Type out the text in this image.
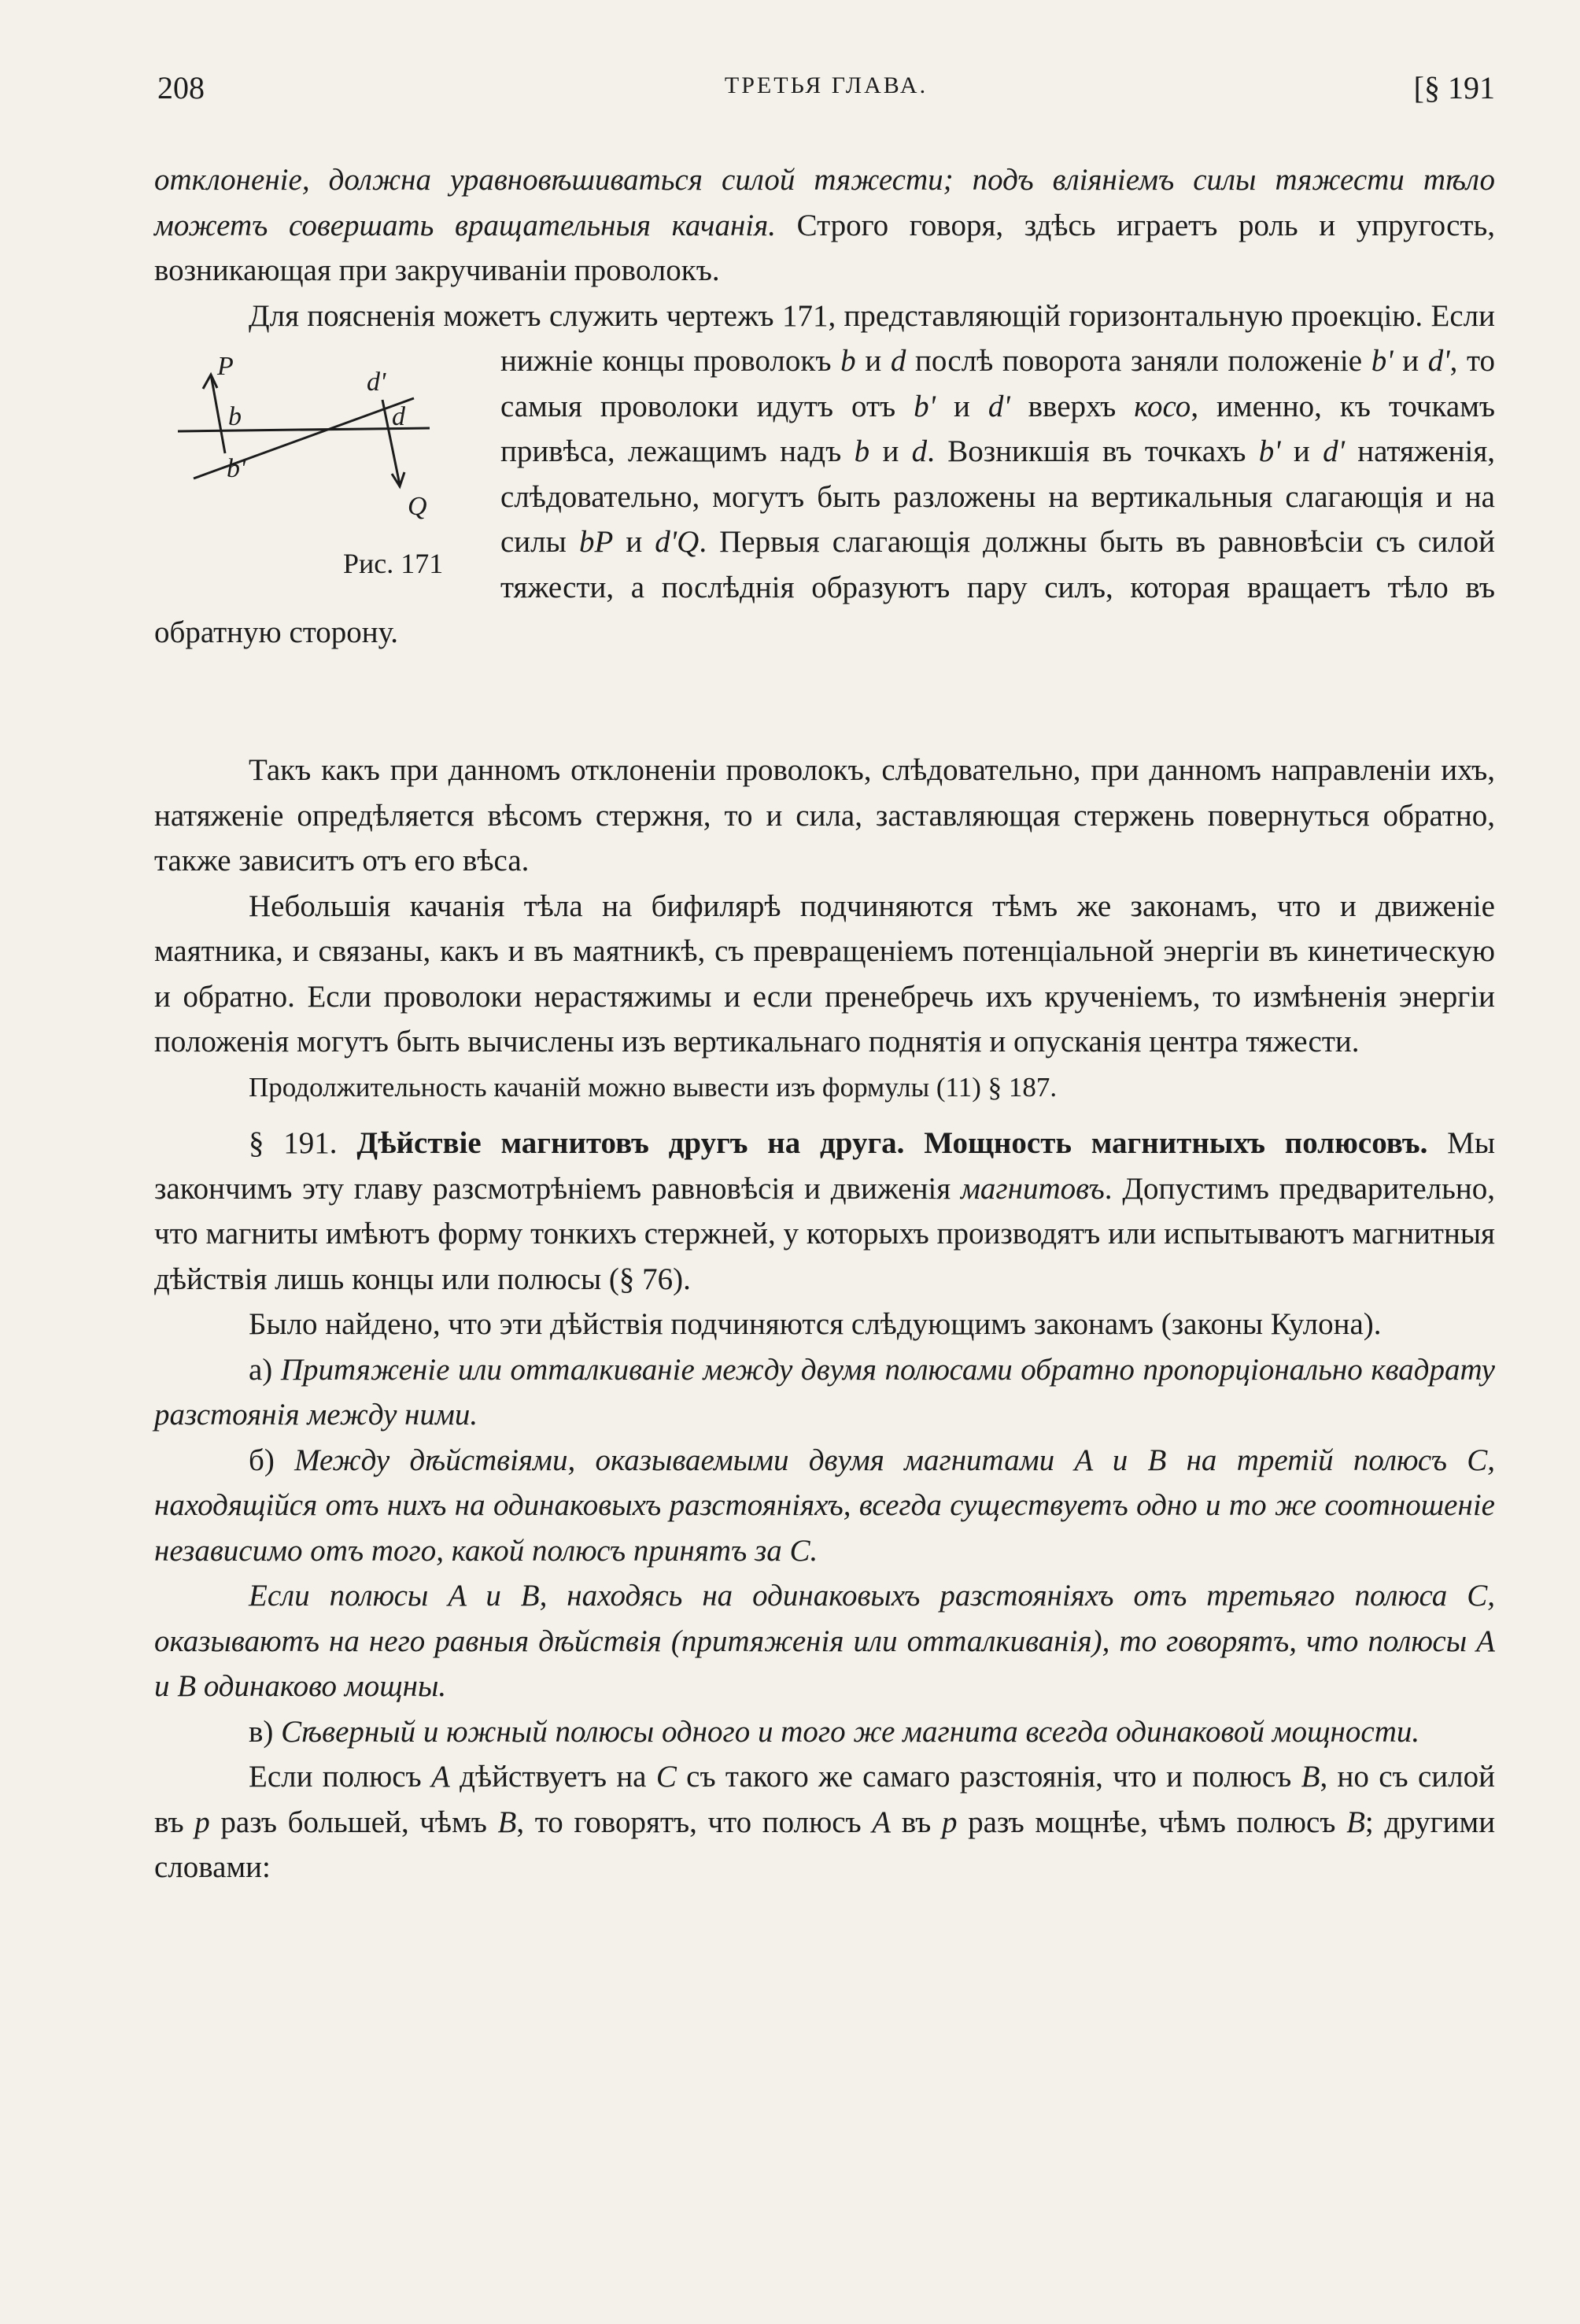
208	ТРЕТЬЯ ГЛАВА.	[§ 191

отклоненіе, должна уравновѣшиваться силой тяжести; подъ вліяніемъ силы тяжести тѣло можетъ совершать вращательныя качанія. Строго говоря, здѣсь играетъ роль и упругость, возникающая при закручиваніи проволокъ.

Для поясненія можетъ служить чертежъ 171, представляющій горизонтальную проекцію. Если нижніе концы проволокъ b и d послѣ поворота заняли положеніе
P
b
d'
d
b'
Q
Рис. 171
b' и d', то самыя проволоки идутъ отъ b' и d' вверхъ косо, именно, къ точкамъ привѣса, лежащимъ надъ b и d. Возникшія въ точкахъ b' и d' натяженія, слѣдовательно, могутъ быть разложены на вертикальныя слагающія и на силы bP и d'Q. Первыя слагающія должны быть въ равновѣсіи съ силой тяжести, а послѣднія образуютъ пару силъ, которая вращаетъ тѣло въ обратную сторону.

Такъ какъ при данномъ отклоненіи проволокъ, слѣдовательно, при данномъ направленіи ихъ, натяженіе опредѣляется вѣсомъ стержня, то и сила, заставляющая стержень повернуться обратно, также зависитъ отъ его вѣса.

Небольшія качанія тѣла на бифилярѣ подчиняются тѣмъ же законамъ, что и движеніе маятника, и связаны, какъ и въ маятникѣ, съ превращеніемъ потенціальной энергіи въ кинетическую и обратно. Если проволоки нерастяжимы и если пренебречь ихъ крученіемъ, то измѣненія энергіи положенія могутъ быть вычислены изъ вертикальнаго поднятія и опусканія центра тяжести.

Продолжительность качаній можно вывести изъ формулы (11) § 187.

§ 191. Дѣйствіе магнитовъ другъ на друга. Мощность магнитныхъ полюсовъ. Мы закончимъ эту главу разсмотрѣніемъ равновѣсія и движенія магнитовъ. Допустимъ предварительно, что магниты имѣютъ форму тонкихъ стержней, у которыхъ производятъ или испытываютъ магнитныя дѣйствія лишь концы или полюсы (§ 76).

Было найдено, что эти дѣйствія подчиняются слѣдующимъ законамъ (законы Кулона).

а) Притяженіе или отталкиваніе между двумя полюсами обратно пропорціонально квадрату разстоянія между ними.

б) Между дѣйствіями, оказываемыми двумя магнитами A и B на третій полюсъ C, находящійся отъ нихъ на одинаковыхъ разстояніяхъ, всегда существуетъ одно и то же соотношеніе независимо отъ того, какой полюсъ принятъ за C.

Если полюсы A и B, находясь на одинаковыхъ разстояніяхъ отъ третьяго полюса C, оказываютъ на него равныя дѣйствія (притяженія или отталкиванія), то говорятъ, что полюсы A и B одинаково мощны.

в) Сѣверный и южный полюсы одного и того же магнита всегда одинаковой мощности.

Если полюсъ A дѣйствуетъ на C съ такого же самаго разстоянія, что и полюсъ B, но съ силой въ p разъ большей, чѣмъ B, то говорятъ, что полюсъ A въ p разъ мощнѣе, чѣмъ полюсъ B; другими словами:
